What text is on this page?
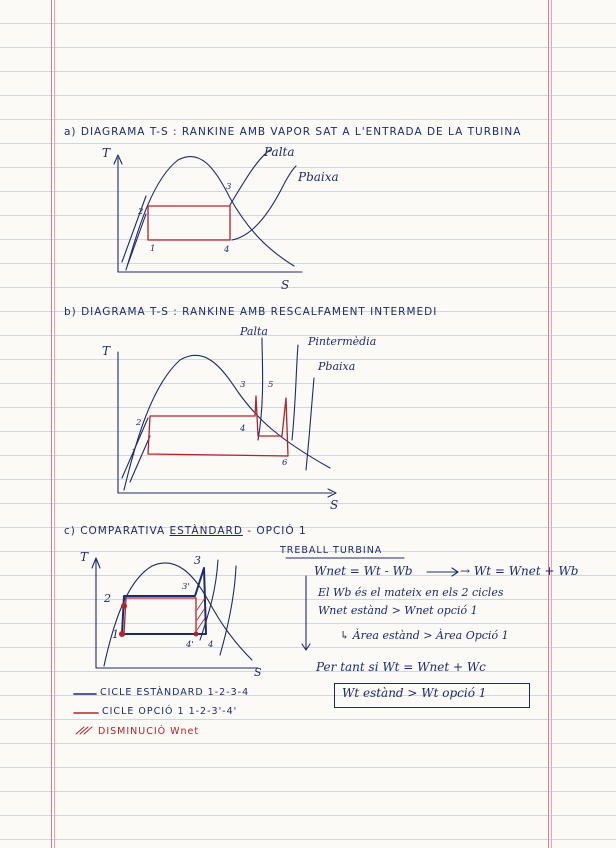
a) DIAGRAMA T-S : RANKINE AMB VAPOR SAT A L'ENTRADA DE LA TURBINA
b) DIAGRAMA T-S : RANKINE AMB RESCALFAMENT INTERMEDI
c) COMPARATIVA ESTÀNDARD - OPCIÓ 1
T
S
Palta
Pbaixa
1
2
3
4
T
S
Palta
Pintermèdia
Pbaixa
1
2
3
4
5
6
T
S
1
2
3
3'
4' 4
TREBALL TURBINA
Wnet = Wt - Wb	→ Wt = Wnet + Wb
El Wb és el mateix en els 2 cicles
Wnet estànd > Wnet opció 1
↳ Àrea estànd > Àrea Opció 1
Per tant si Wt = Wnet + Wc
Wt estànd > Wt opció 1
CICLE ESTÀNDARD 1-2-3-4
CICLE OPCIÓ 1 1-2-3'-4'
DISMINUCIÓ Wnet
